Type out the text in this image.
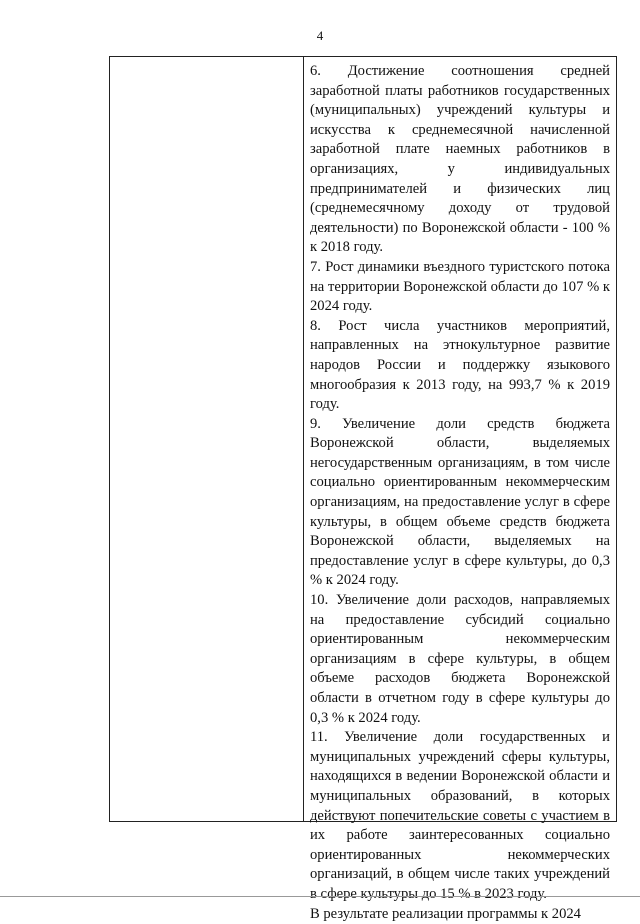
4

6. Достижение соотношения средней заработной платы работников государственных (муниципальных) учреждений культуры и искусства к среднемесячной начисленной заработной плате наемных работников в организациях, у индивидуальных предпринимателей и физических лиц (среднемесячному доходу от трудовой деятельности) по Воронежской области - 100 % к 2018 году.

7. Рост динамики въездного туристского потока на территории Воронежской области до 107 % к 2024 году.

8. Рост числа участников мероприятий, направленных на этнокультурное развитие народов России и поддержку языкового многообразия к 2013 году, на 993,7 % к 2019 году.

9. Увеличение доли средств бюджета Воронежской области, выделяемых негосударственным организациям, в том числе социально ориентированным некоммерческим организациям, на предоставление услуг в сфере культуры, в общем объеме средств бюджета Воронежской области, выделяемых на предоставление услуг в сфере культуры, до 0,3 % к 2024 году.

10. Увеличение доли расходов, направляемых на предоставление субсидий социально ориентированным некоммерческим организациям в сфере культуры, в общем объеме расходов бюджета Воронежской области в отчетном году в сфере культуры до 0,3 % к 2024 году.

11. Увеличение доли государственных и муниципальных учреждений сферы культуры, находящихся в ведении Воронежской области и муниципальных образований, в которых действуют попечительские советы с участием в их работе заинтересованных социально ориентированных некоммерческих организаций, в общем числе таких учреждений в сфере культуры до 15 % в 2023 году.

В результате реализации программы к 2024
